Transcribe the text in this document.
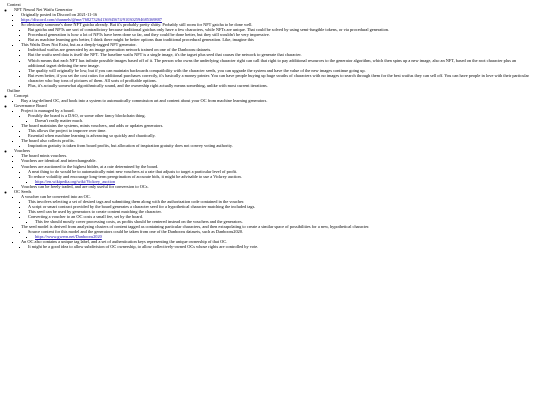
• Context
◦ NFT Neural Net Waifu Generator
▪ Originally posted in Discord on 2021-11-16
▪ https://discord.com/channels/@me/768273264136945674/910302594685369887
▪ So obviously someone's done NFT gatcha already. But it's probably pretty shitty. Probably still room for NFT gatcha to be done well.
▪ But gatcha and NFTs are sort of contradictory because traditional gatchas only have a few characters, while NFTs are unique. That could be solved by using semi-fungible tokens, or via procedural generation.
▪ Procedural generation is how a lot of NFTs have been done so far, and they could be done better, but they still wouldn't be very impressive.
▪ But as machine learning gets better, I think there might be better options than traditional procedural generation. Like, imagine this
▪ This Waifu Does Not Exist, but as a deeply-tagged NFT generator.
▪ Individual waifus are generated by an image generation network trained on one of the Danbooru datasets.
▪ But the waifu seed data is itself the NFT. The baseline waifu NFT is a single image, it's the tagset plus seed that causes the network to generate that character.
▪ Which means that each NFT has infinite possible images based off of it. The person who owns the underlying character right can call that right to pay additional resources to the generator algorithm, which then spins up a new image, also an NFT, based on the root character plus an additional tagset defining the new image.
▪ The quality will originally be low, but if you can maintain backwards compatibility with the character seeds, you can upgrade the system and have the value of the new images continue going up.
▪ But even better, if you set the cost ratios for additional purchases correctly, it's basically a money printer. You can have people buying up huge swaths of characters with no images to search through them for the best waifus they can sell off. You can have people in love with their particular character who buy tons of pictures of them. All sorts of profitable options.
▪ Plus, it's actually somewhat algorithmically sound, and the ownership right actually means something, unlike with most current iterations.
• Outline
◦ Concept
▪ Buy a tag-defined OC, and hook into a system to automatically commission art and content about your OC from machine learning generators.
◦ Governance Board
▪ Project is managed by a board.
▪ Possibly the board is a DAO, or some other fancy blockchain thing.
▪ Doesn't really matter much.
▪ The board maintains the systems, mints vouchers, and adds or updates generators.
▪ This allows the project to improve over time.
▪ Essential when machine learning is advancing so quickly and chaotically.
▪ The board also collects profits.
▪ Inspiration gratuity is taken from board profits, but allocation of inspiration gratuity does not convey voting authority.
◦ Vouchers
▪ The board mints vouchers.
▪ Vouchers are identical and interchangeable.
▪ Vouchers are auctioned to the highest bidder, at a rate determined by the board.
▪ A neat thing to do would be to automatically mint new vouchers at a rate that adjusts to target a particular level of profit.
▪ To reduce volatility and encourage long-term peregrination of accurate bids, it might be advisable to use a Vickrey auction.
▪ https://en.wikipedia.org/wiki/Vickrey_auction
▪ Vouchers can be freely traded, and are only useful for conversion to OCs.
◦ OC Seeds
▪ A voucher can be converted into an OC.
▪ This involves selecting a set of desired tags and submitting them along with the authorization code contained in the voucher.
▪ A script or smart contract provided by the board generates a character seed for a hypothetical character matching the included tags.
▪ This seed can be used by generators to create content matching the character.
▪ Converting a voucher to an OC costs a small fee, set by the board.
▪ This fee should mostly cover processing costs, as profits should be centered instead on the vouchers and the generators.
▪ The seed model is derived from analyzing clusters of content tagged as containing particular characters, and then extrapolating to create a similar space of possibilities for a new, hypothetical character.
▪ Source content for this model and the generators could be taken from one of the Danbooru datasets, such as Danbooru2020.
▪ https://www.gwern.net/Danbooru2020
▪ An OC also contains a unique tag label, and a set of authentication keys representing the unique ownership of that OC.
▪ It might be a good idea to allow subdivision of OC ownership, to allow collectively-owned OCs whose rights are controlled by vote.
